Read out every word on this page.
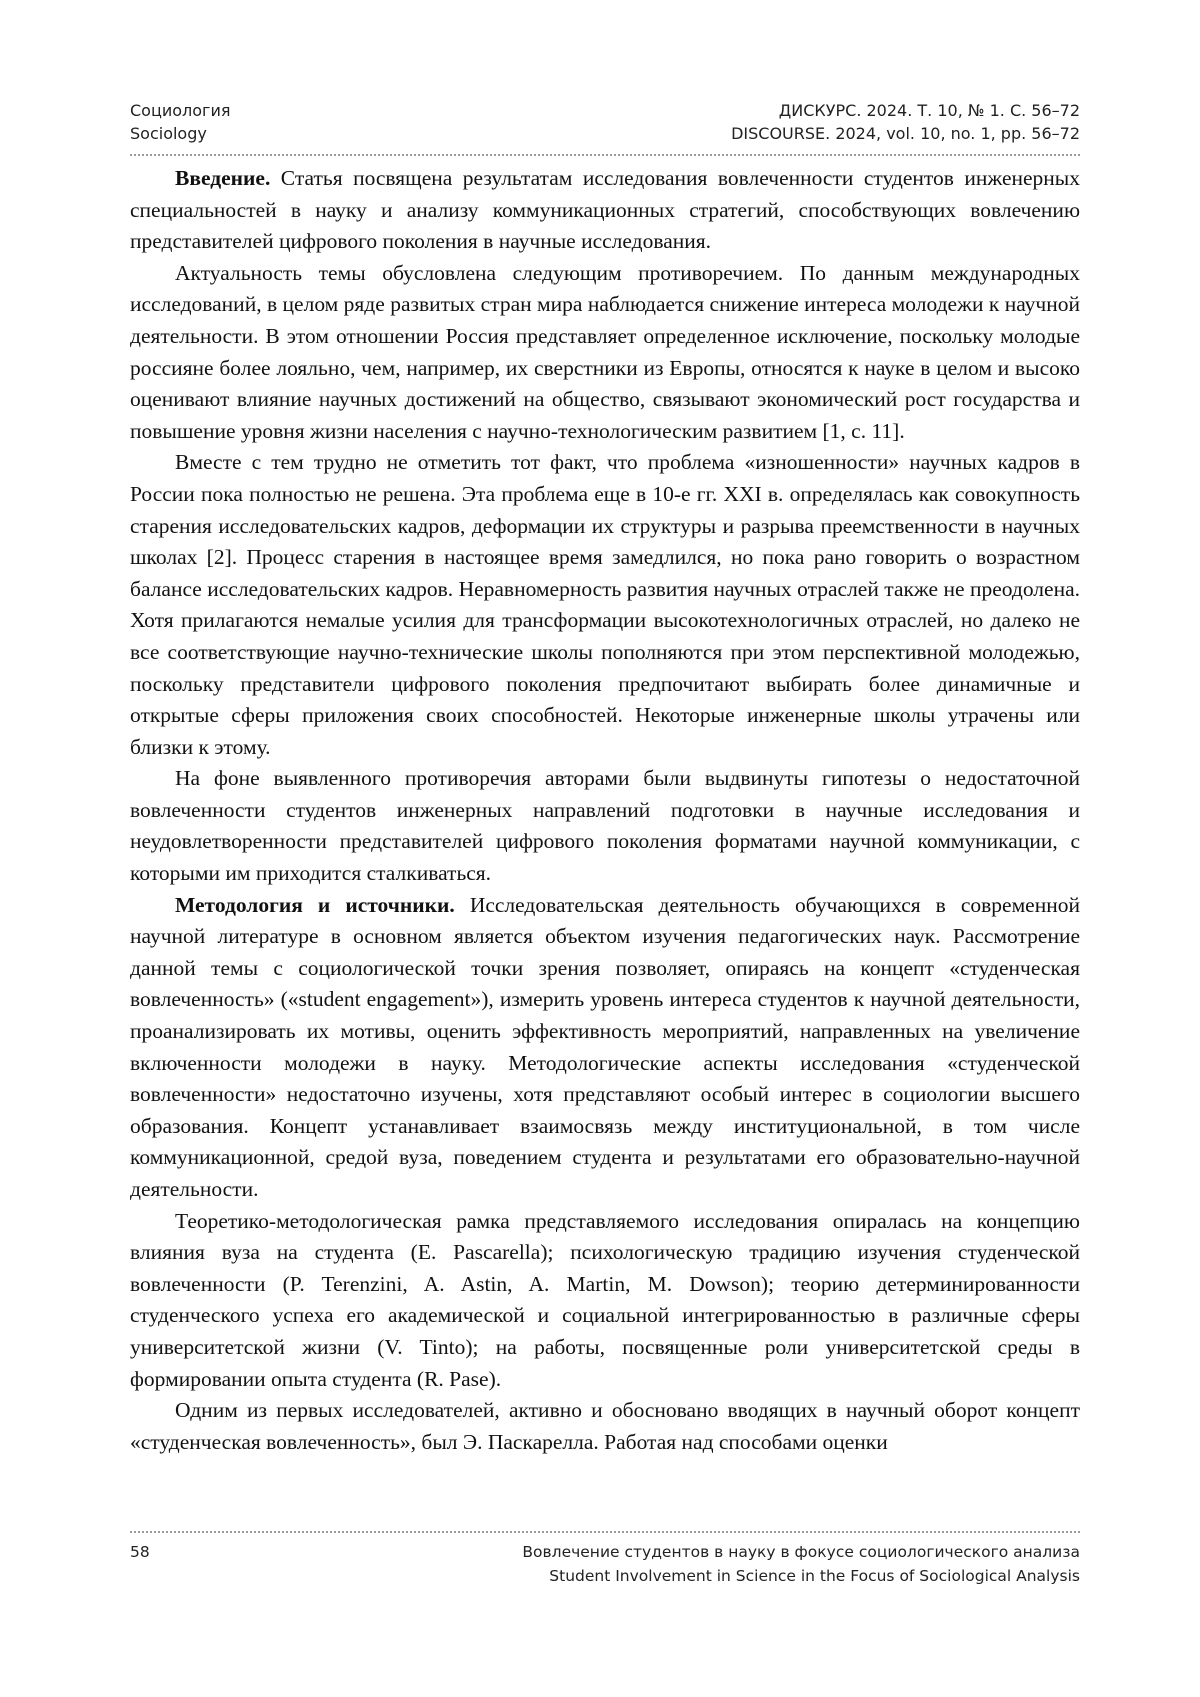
Социология	ДИСКУРС. 2024. Т. 10, № 1. С. 56–72
Sociology	DISCOURSE. 2024, vol. 10, no. 1, pp. 56–72

Введение. Статья посвящена результатам исследования вовлеченности студентов инженерных специальностей в науку и анализу коммуникационных стратегий, способствующих вовлечению представителей цифрового поколения в научные исследования.

Актуальность темы обусловлена следующим противоречием. По данным международных исследований, в целом ряде развитых стран мира наблюдается снижение интереса молодежи к научной деятельности. В этом отношении Россия представляет определенное исключение, поскольку молодые россияне более лояльно, чем, например, их сверстники из Европы, относятся к науке в целом и высоко оценивают влияние научных достижений на общество, связывают экономический рост государства и повышение уровня жизни населения с научно-технологическим развитием [1, с. 11].

Вместе с тем трудно не отметить тот факт, что проблема «изношенности» научных кадров в России пока полностью не решена. Эта проблема еще в 10-е гг. XXI в. определялась как совокупность старения исследовательских кадров, деформации их структуры и разрыва преемственности в научных школах [2]. Процесс старения в настоящее время замедлился, но пока рано говорить о возрастном балансе исследовательских кадров. Неравномерность развития научных отраслей также не преодолена. Хотя прилагаются немалые усилия для трансформации высокотехнологичных отраслей, но далеко не все соответствующие научно-технические школы пополняются при этом перспективной молодежью, поскольку представители цифрового поколения предпочитают выбирать более динамичные и открытые сферы приложения своих способностей. Некоторые инженерные школы утрачены или близки к этому.

На фоне выявленного противоречия авторами были выдвинуты гипотезы о недостаточной вовлеченности студентов инженерных направлений подготовки в научные исследования и неудовлетворенности представителей цифрового поколения форматами научной коммуникации, с которыми им приходится сталкиваться.

Методология и источники. Исследовательская деятельность обучающихся в современной научной литературе в основном является объектом изучения педагогических наук. Рассмотрение данной темы с социологической точки зрения позволяет, опираясь на концепт «студенческая вовлеченность» («student engagement»), измерить уровень интереса студентов к научной деятельности, проанализировать их мотивы, оценить эффективность мероприятий, направленных на увеличение включенности молодежи в науку. Методологические аспекты исследования «студенческой вовлеченности» недостаточно изучены, хотя представляют особый интерес в социологии высшего образования. Концепт устанавливает взаимосвязь между институциональной, в том числе коммуникационной, средой вуза, поведением студента и результатами его образовательно-научной деятельности.

Теоретико-методологическая рамка представляемого исследования опиралась на концепцию влияния вуза на студента (E. Pascarella); психологическую традицию изучения студенческой вовлеченности (P. Terenzini, A. Astin, A. Martin, M. Dowson); теорию детерминированности студенческого успеха его академической и социальной интегрированностью в различные сферы университетской жизни (V. Tinto); на работы, посвященные роли университетской среды в формировании опыта студента (R. Pase).

Одним из первых исследователей, активно и обосновано вводящих в научный оборот концепт «студенческая вовлеченность», был Э. Паскарелла. Работая над способами оценки

58	Вовлечение студентов в науку в фокусе социологического анализа
Student Involvement in Science in the Focus of Sociological Analysis
